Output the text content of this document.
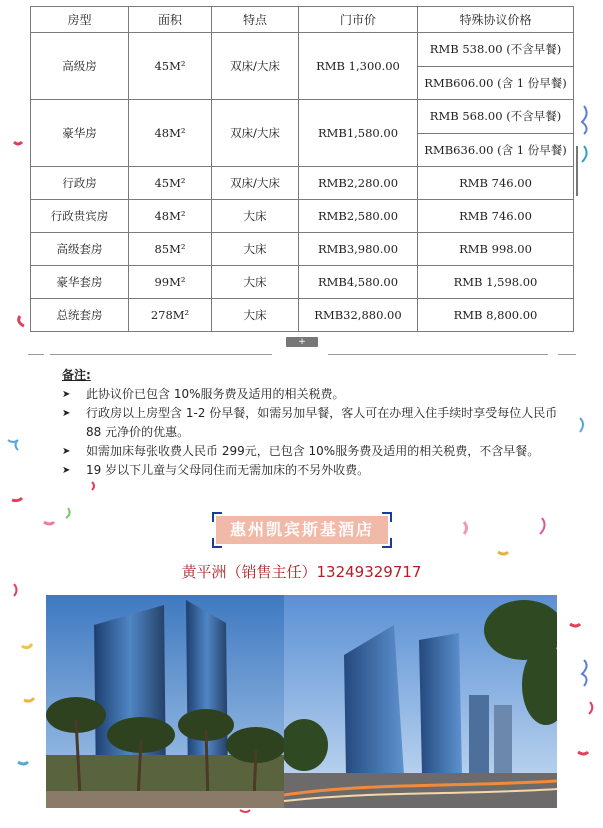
房型	面积	特点	门市价	特殊协议价格
高级房	45M²	双床/大床	RMB 1,300.00	RMB 538.00 (不含早餐)
				RMB606.00 (含 1 份早餐)
豪华房	48M²	双床/大床	RMB1,580.00	RMB 568.00 (不含早餐)
				RMB636.00 (含 1 份早餐)
行政房	45M²	双床/大床	RMB2,280.00	RMB 746.00
行政贵宾房	48M²	大床	RMB2,580.00	RMB 746.00
高级套房	85M²	大床	RMB3,980.00	RMB 998.00
豪华套房	99M²	大床	RMB4,580.00	RMB 1,598.00
总统套房	278M²	大床	RMB32,880.00	RMB 8,800.00
+
备注:
➤ 此协议价已包含 10%服务费及适用的相关税费。
➤ 行政房以上房型含 1-2 份早餐，如需另加早餐，客人可在办理入住手续时享受每位人民币 88 元净价的优惠。
➤ 如需加床每张收费人民币 299元，已包含 10%服务费及适用的相关税费，不含早餐。
➤ 19 岁以下儿童与父母同住而无需加床的不另外收费。
惠州凯宾斯基酒店
黄平洲（销售主任）13249329717
